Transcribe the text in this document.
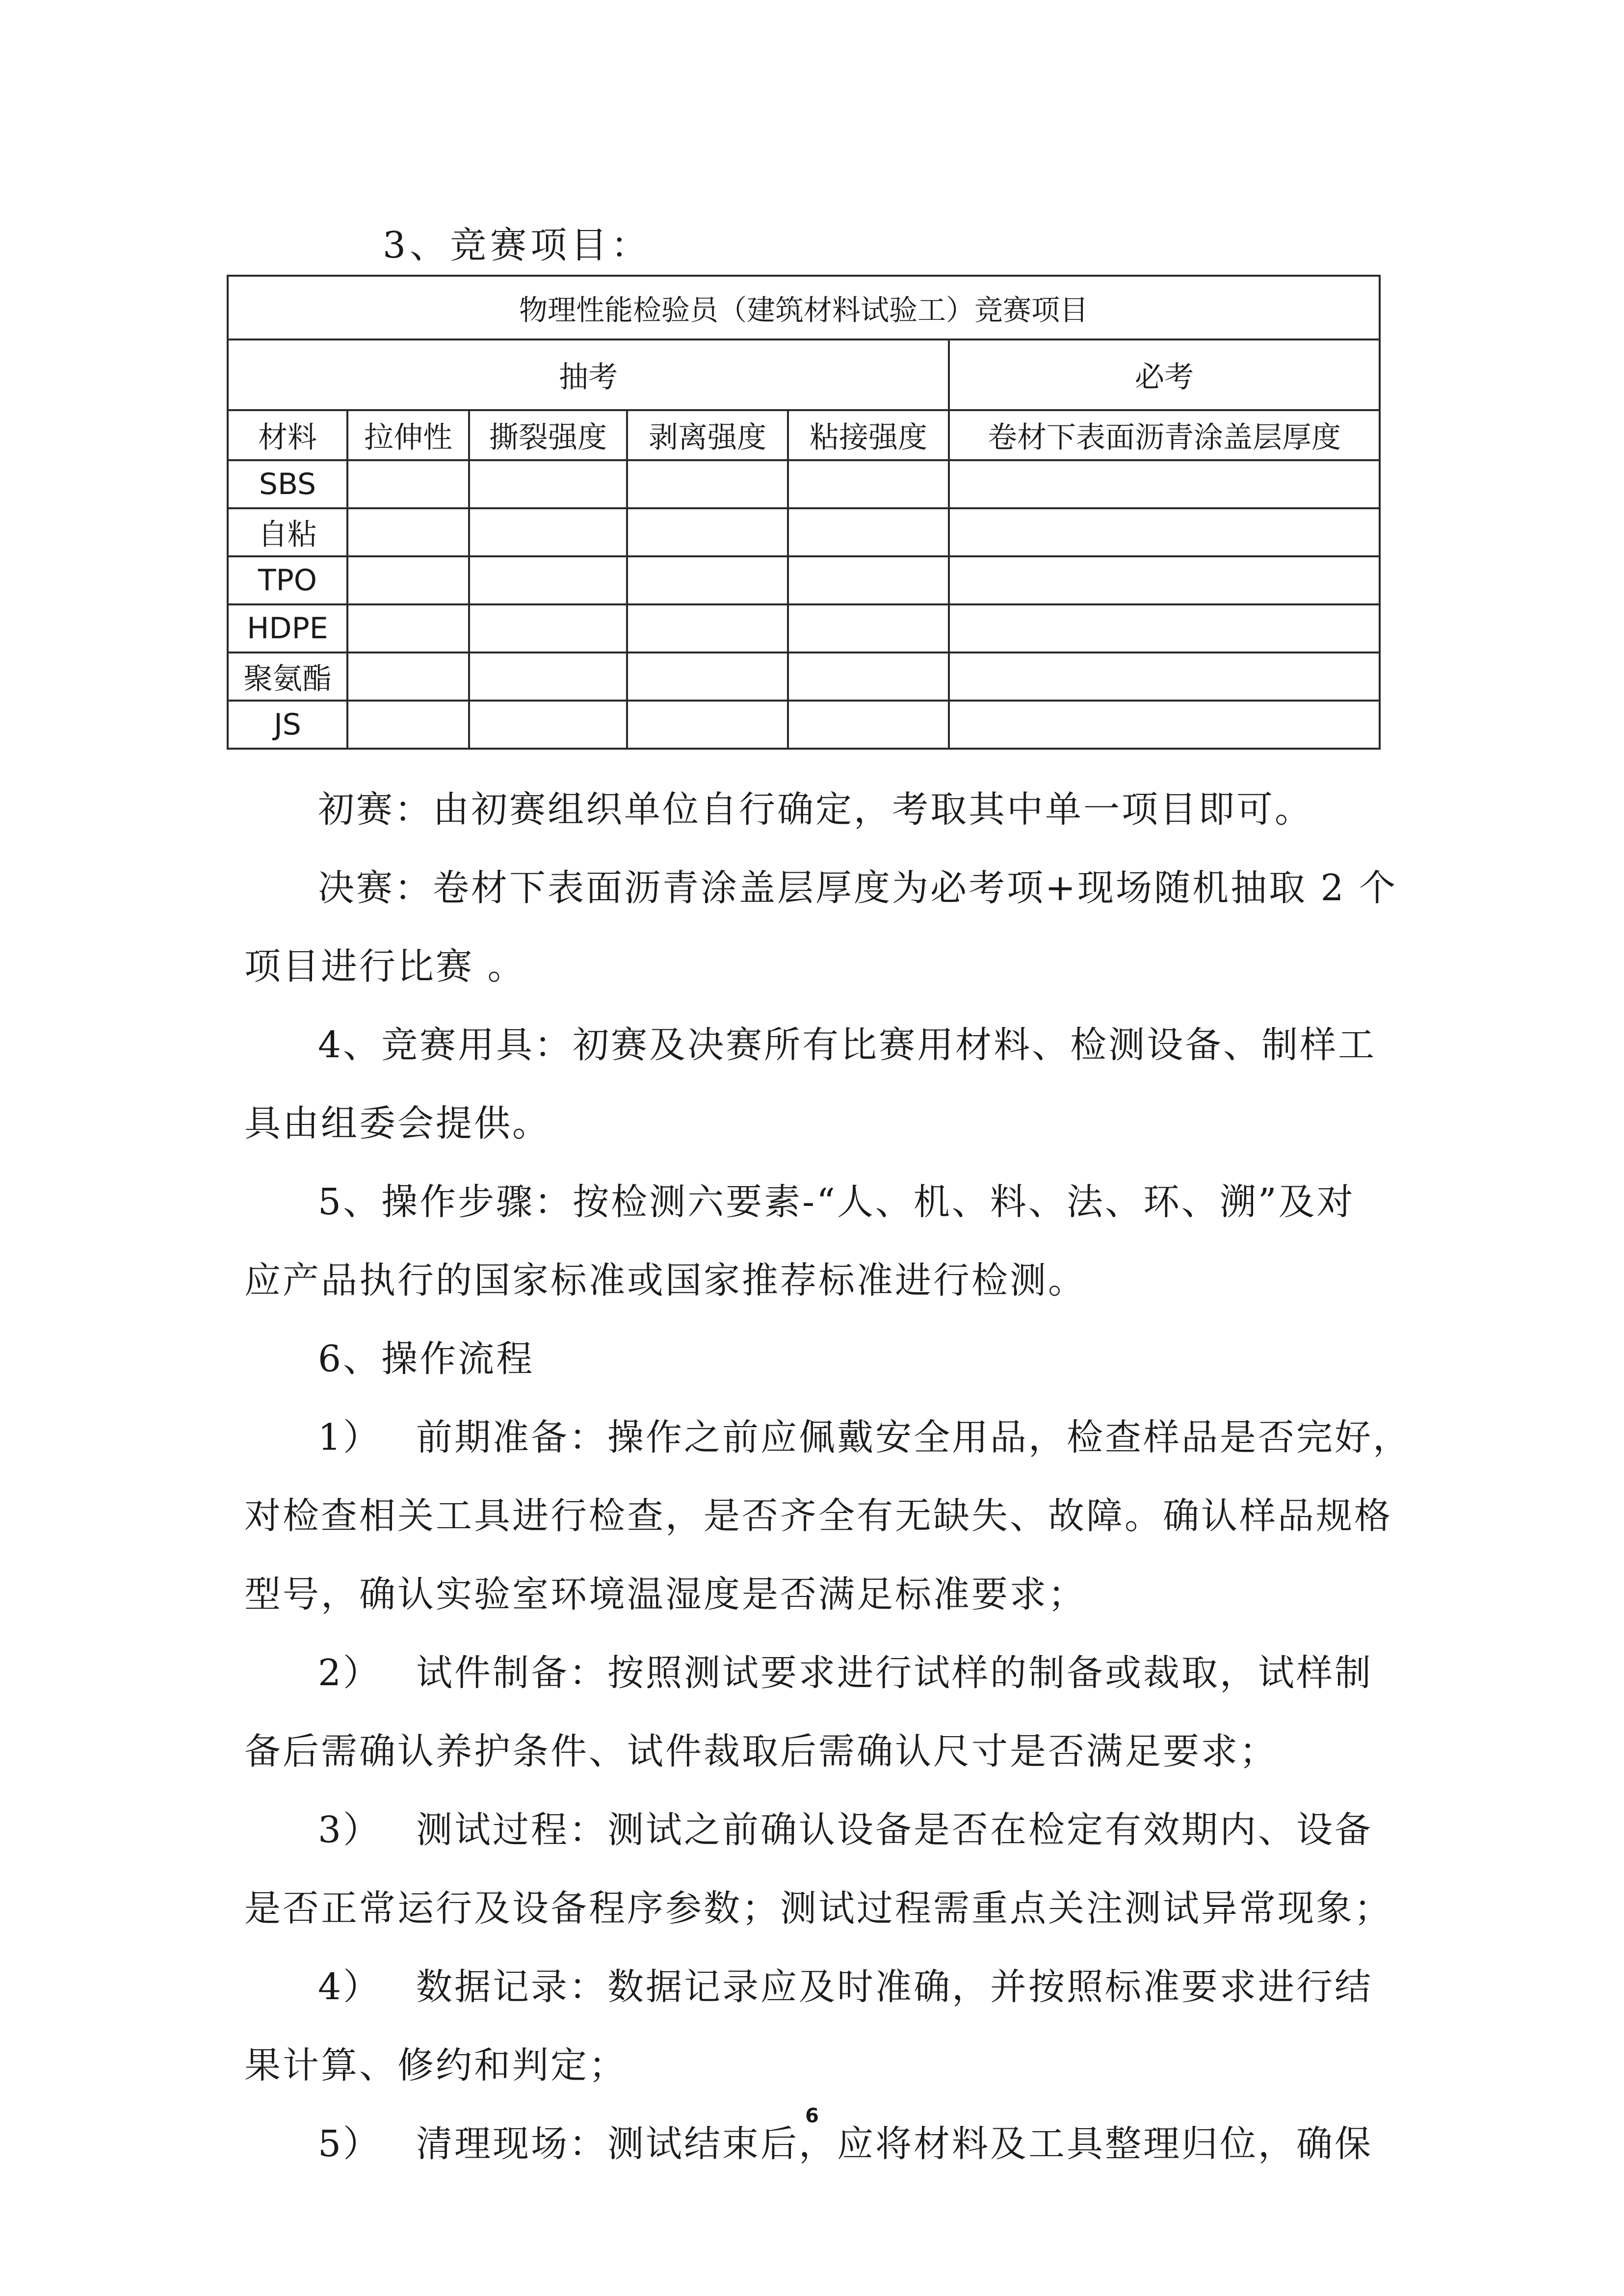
3、竞赛项目：
物理性能检验员（建筑材料试验工）竞赛项目					
抽考					必考
材料	拉伸性	撕裂强度	剥离强度	粘接强度	卷材下表面沥青涂盖层厚度
SBS					
自粘					
TPO					
HDPE					
聚氨酯					
JS					
初赛：由初赛组织单位自行确定，考取其中单一项目即可。
决赛：卷材下表面沥青涂盖层厚度为必考项+现场随机抽取 2 个
项目进行比赛 。
4、竞赛用具：初赛及决赛所有比赛用材料、检测设备、制样工
具由组委会提供。
5、操作步骤：按检测六要素-“人、机、料、法、环、溯”及对
应产品执行的国家标准或国家推荐标准进行检测。
6、操作流程
1） 前期准备：操作之前应佩戴安全用品，检查样品是否完好，
对检查相关工具进行检查，是否齐全有无缺失、故障。确认样品规格
型号，确认实验室环境温湿度是否满足标准要求；
2） 试件制备：按照测试要求进行试样的制备或裁取，试样制
备后需确认养护条件、试件裁取后需确认尺寸是否满足要求；
3） 测试过程：测试之前确认设备是否在检定有效期内、设备
是否正常运行及设备程序参数；测试过程需重点关注测试异常现象；
4） 数据记录：数据记录应及时准确，并按照标准要求进行结
果计算、修约和判定；
5） 清理现场：测试结束后，应将材料及工具整理归位，确保
6
